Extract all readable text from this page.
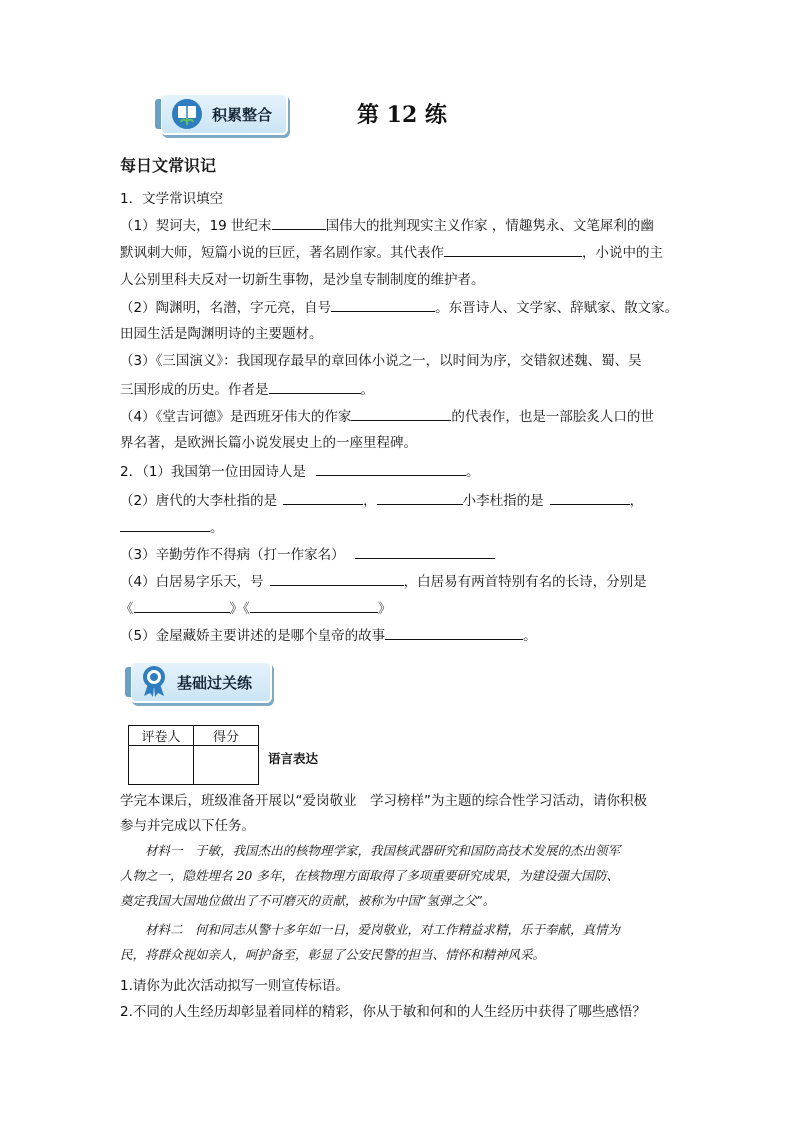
积累整合	第 12 练
每日文常识记
1．文学常识填空
（1）契诃夫，19 世纪末	国伟大的批判现实主义作家 ，情趣隽永、文笔犀利的幽
默讽刺大师，短篇小说的巨匠，著名剧作家。其代表作	，小说中的主
人公别里科夫反对一切新生事物，是沙皇专制制度的维护者。
（2）陶渊明，名潜，字元亮，自号	。东晋诗人、文学家、辞赋家、散文家。
田园生活是陶渊明诗的主要题材。
（3）《三国演义》：我国现存最早的章回体小说之一，以时间为序，交错叙述魏、蜀、吴
三国形成的历史。作者是	。
（4）《堂吉诃德》是西班牙伟大的作家	的代表作，也是一部脍炙人口的世
界名著，是欧洲长篇小说发展史上的一座里程碑。
2．（1）我国第一位田园诗人是	。
（2）唐代的大李杜指的是	，	小李杜指的是	，
。
（3）辛勤劳作不得病（打一作家名）
（4）白居易字乐天，号	，白居易有两首特别有名的长诗，分别是
《	》《	》
（5）金屋藏娇主要讲述的是哪个皇帝的故事	。
基础过关练
评卷人	得分

语言表达
学完本课后，班级准备开展以“爱岗敬业　学习榜样”为主题的综合性学习活动，请你积极
参与并完成以下任务。
材料一　于敏，我国杰出的核物理学家，我国核武器研究和国防高技术发展的杰出领军
人物之一，隐姓埋名 20 多年，在核物理方面取得了多项重要研究成果，为建设强大国防、
奠定我国大国地位做出了不可磨灭的贡献，被称为中国“氢弹之父”。
材料二　何和同志从警十多年如一日，爱岗敬业，对工作精益求精，乐于奉献，真情为
民，将群众视如亲人，呵护备至，彰显了公安民警的担当、情怀和精神风采。
1.请你为此次活动拟写一则宣传标语。
2.不同的人生经历却彰显着同样的精彩，你从于敏和何和的人生经历中获得了哪些感悟？
